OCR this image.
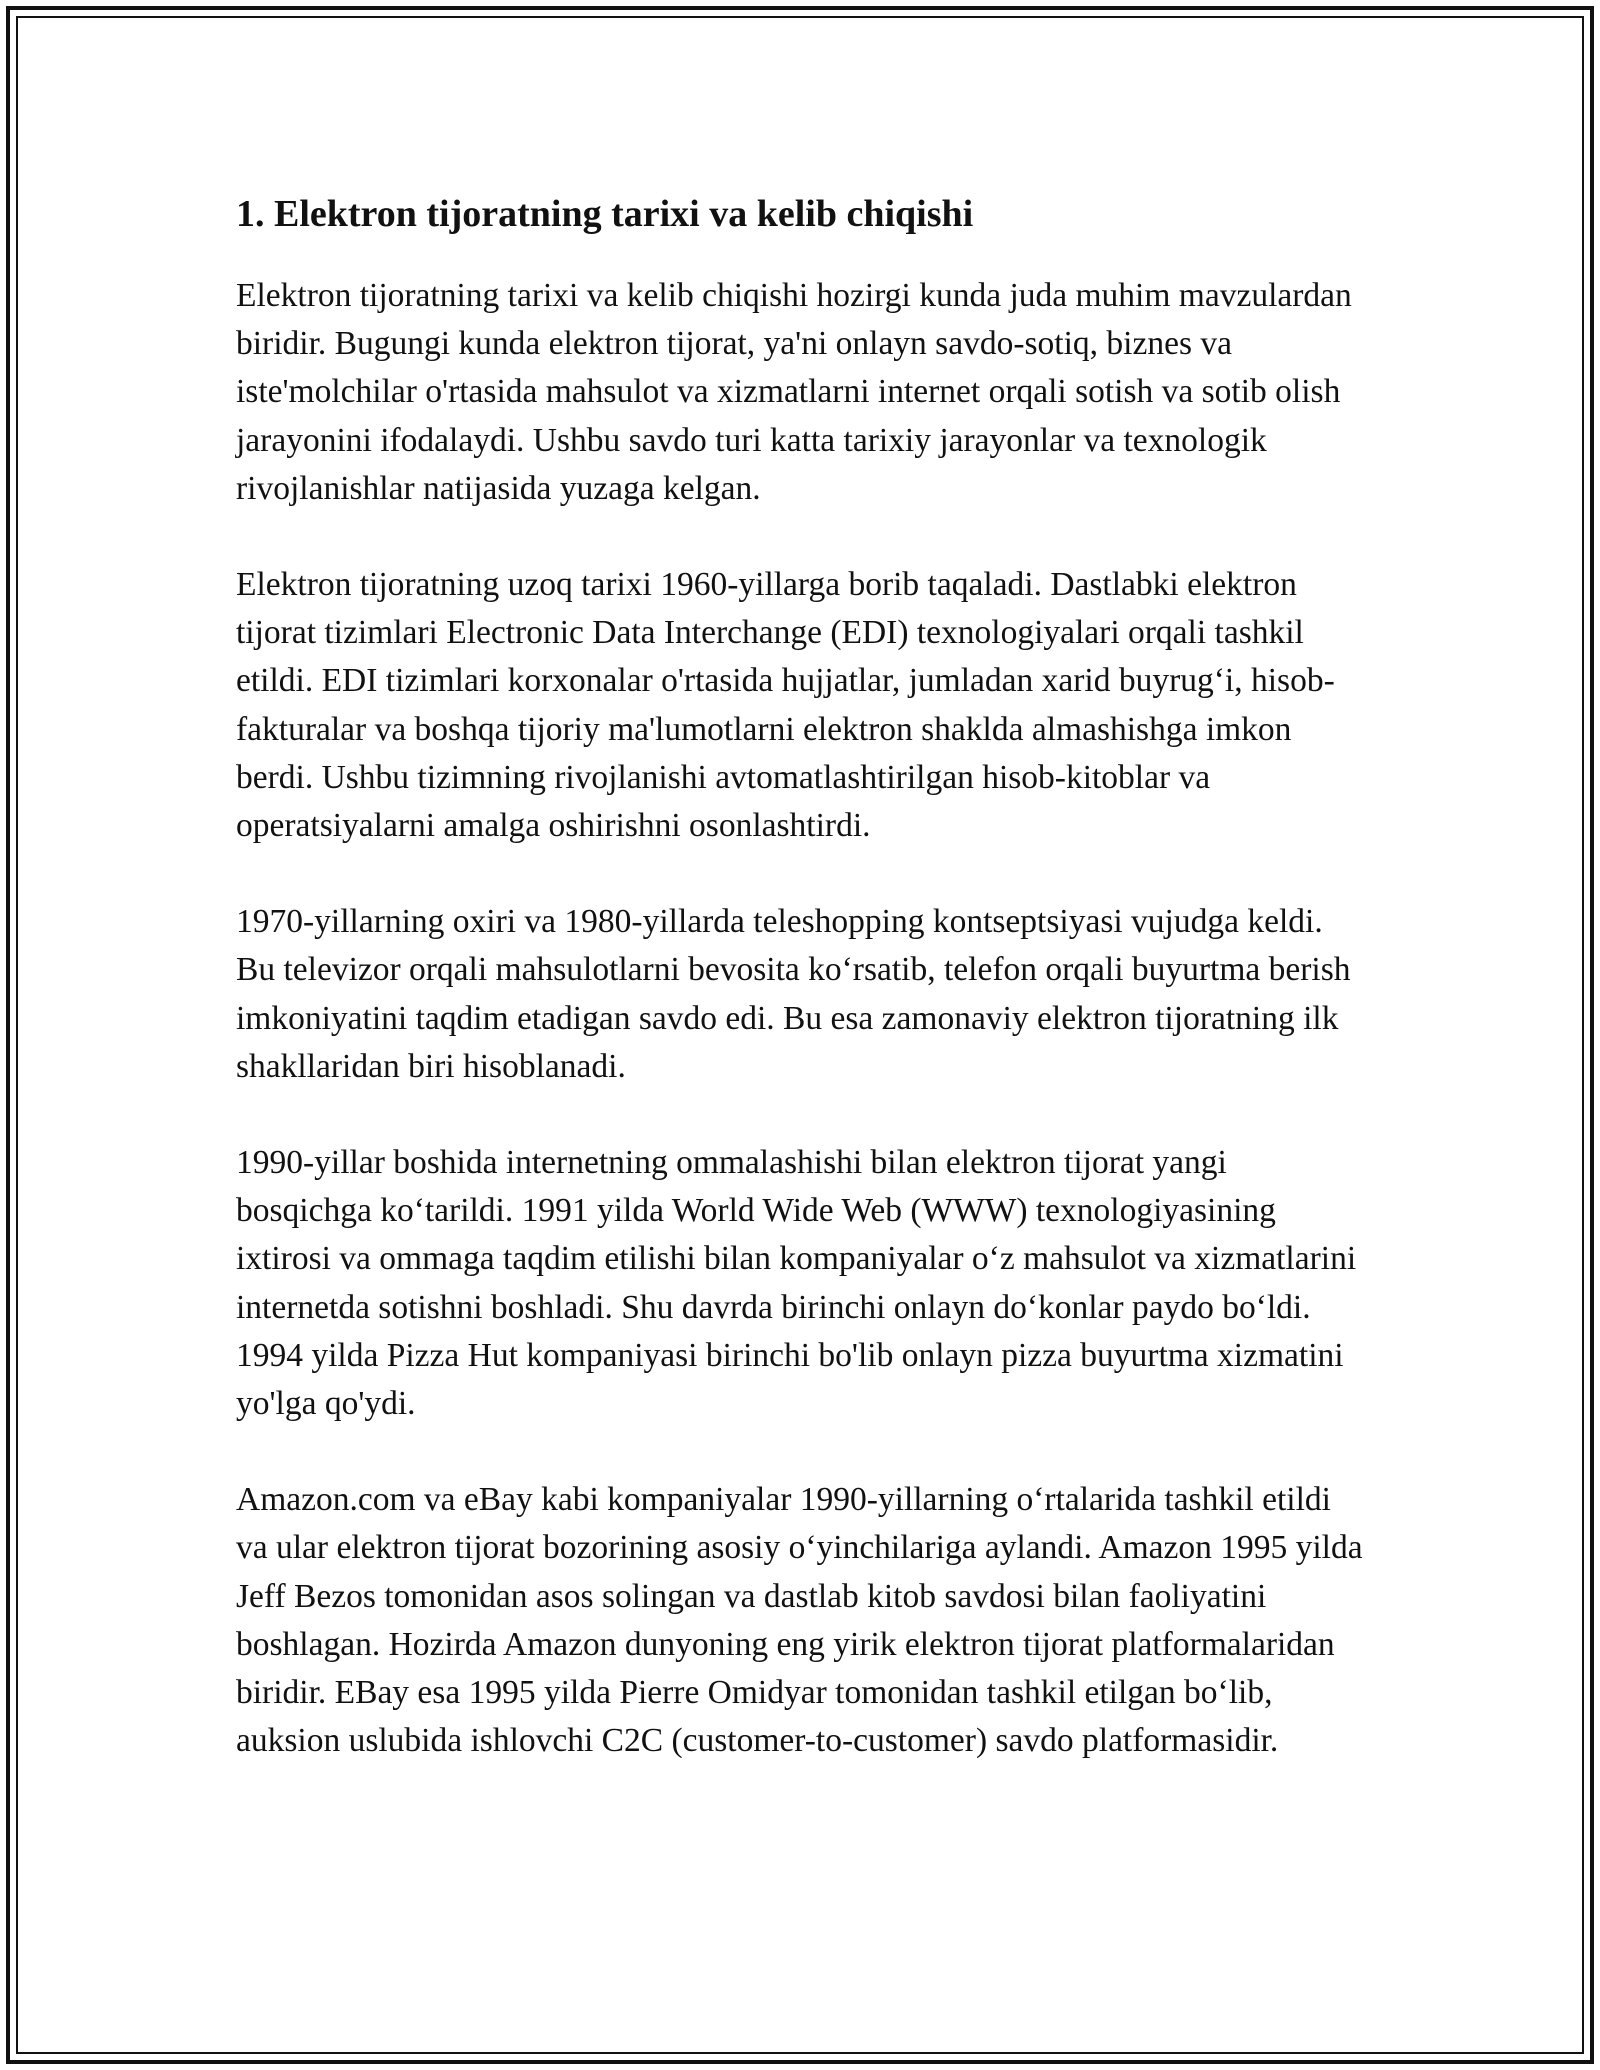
1. Elektron tijoratning tarixi va kelib chiqishi

Elektron tijoratning tarixi va kelib chiqishi hozirgi kunda juda muhim mavzulardan biridir. Bugungi kunda elektron tijorat, ya'ni onlayn savdo-sotiq, biznes va iste'molchilar o'rtasida mahsulot va xizmatlarni internet orqali sotish va sotib olish jarayonini ifodalaydi. Ushbu savdo turi katta tarixiy jarayonlar va texnologik rivojlanishlar natijasida yuzaga kelgan.

Elektron tijoratning uzoq tarixi 1960-yillarga borib taqaladi. Dastlabki elektron tijorat tizimlari Electronic Data Interchange (EDI) texnologiyalari orqali tashkil etildi. EDI tizimlari korxonalar o'rtasida hujjatlar, jumladan xarid buyrug‘i, hisob-fakturalar va boshqa tijoriy ma'lumotlarni elektron shaklda almashishga imkon berdi. Ushbu tizimning rivojlanishi avtomatlashtirilgan hisob-kitoblar va operatsiyalarni amalga oshirishni osonlashtirdi.

1970-yillarning oxiri va 1980-yillarda teleshopping kontseptsiyasi vujudga keldi. Bu televizor orqali mahsulotlarni bevosita ko‘rsatib, telefon orqali buyurtma berish imkoniyatini taqdim etadigan savdo edi. Bu esa zamonaviy elektron tijoratning ilk shakllaridan biri hisoblanadi.

1990-yillar boshida internetning ommalashishi bilan elektron tijorat yangi bosqichga ko‘tarildi. 1991 yilda World Wide Web (WWW) texnologiyasining ixtirosi va ommaga taqdim etilishi bilan kompaniyalar o‘z mahsulot va xizmatlarini internetda sotishni boshladi. Shu davrda birinchi onlayn do‘konlar paydo bo‘ldi. 1994 yilda Pizza Hut kompaniyasi birinchi bo'lib onlayn pizza buyurtma xizmatini yo'lga qo'ydi.

Amazon.com va eBay kabi kompaniyalar 1990-yillarning o‘rtalarida tashkil etildi va ular elektron tijorat bozorining asosiy o‘yinchilariga aylandi. Amazon 1995 yilda Jeff Bezos tomonidan asos solingan va dastlab kitob savdosi bilan faoliyatini boshlagan. Hozirda Amazon dunyoning eng yirik elektron tijorat platformalaridan biridir. EBay esa 1995 yilda Pierre Omidyar tomonidan tashkil etilgan bo‘lib, auksion uslubida ishlovchi C2C (customer-to-customer) savdo platformasidir.
